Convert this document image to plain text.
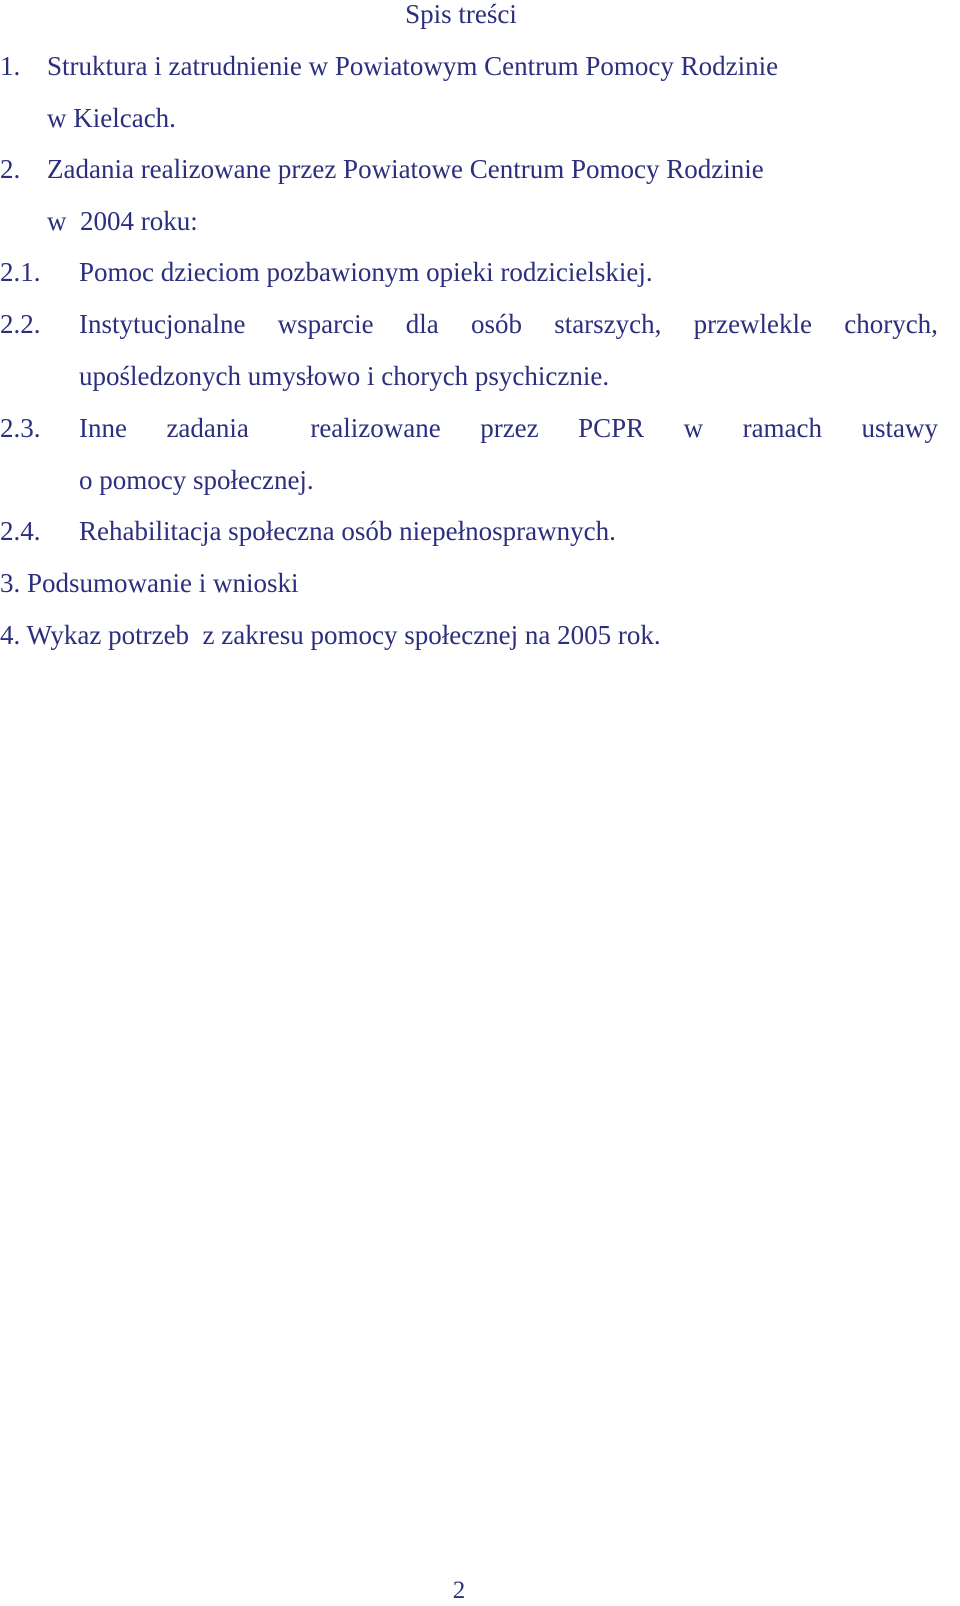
Spis treści
1. Struktura i zatrudnienie w Powiatowym Centrum Pomocy Rodzinie
w Kielcach.
2. Zadania realizowane przez Powiatowe Centrum Pomocy Rodzinie
w  2004 roku:
2.1. Pomoc dzieciom pozbawionym opieki rodzicielskiej.
2.2. Instytucjonalne wsparcie dla osób starszych, przewlekle chorych,
upośledzonych umysłowo i chorych psychicznie.
2.3. Inne zadania realizowane przez PCPR w ramach ustawy
o pomocy społecznej.
2.4. Rehabilitacja społeczna osób niepełnosprawnych.
3. Podsumowanie i wnioski
4. Wykaz potrzeb  z zakresu pomocy społecznej na 2005 rok.
2
